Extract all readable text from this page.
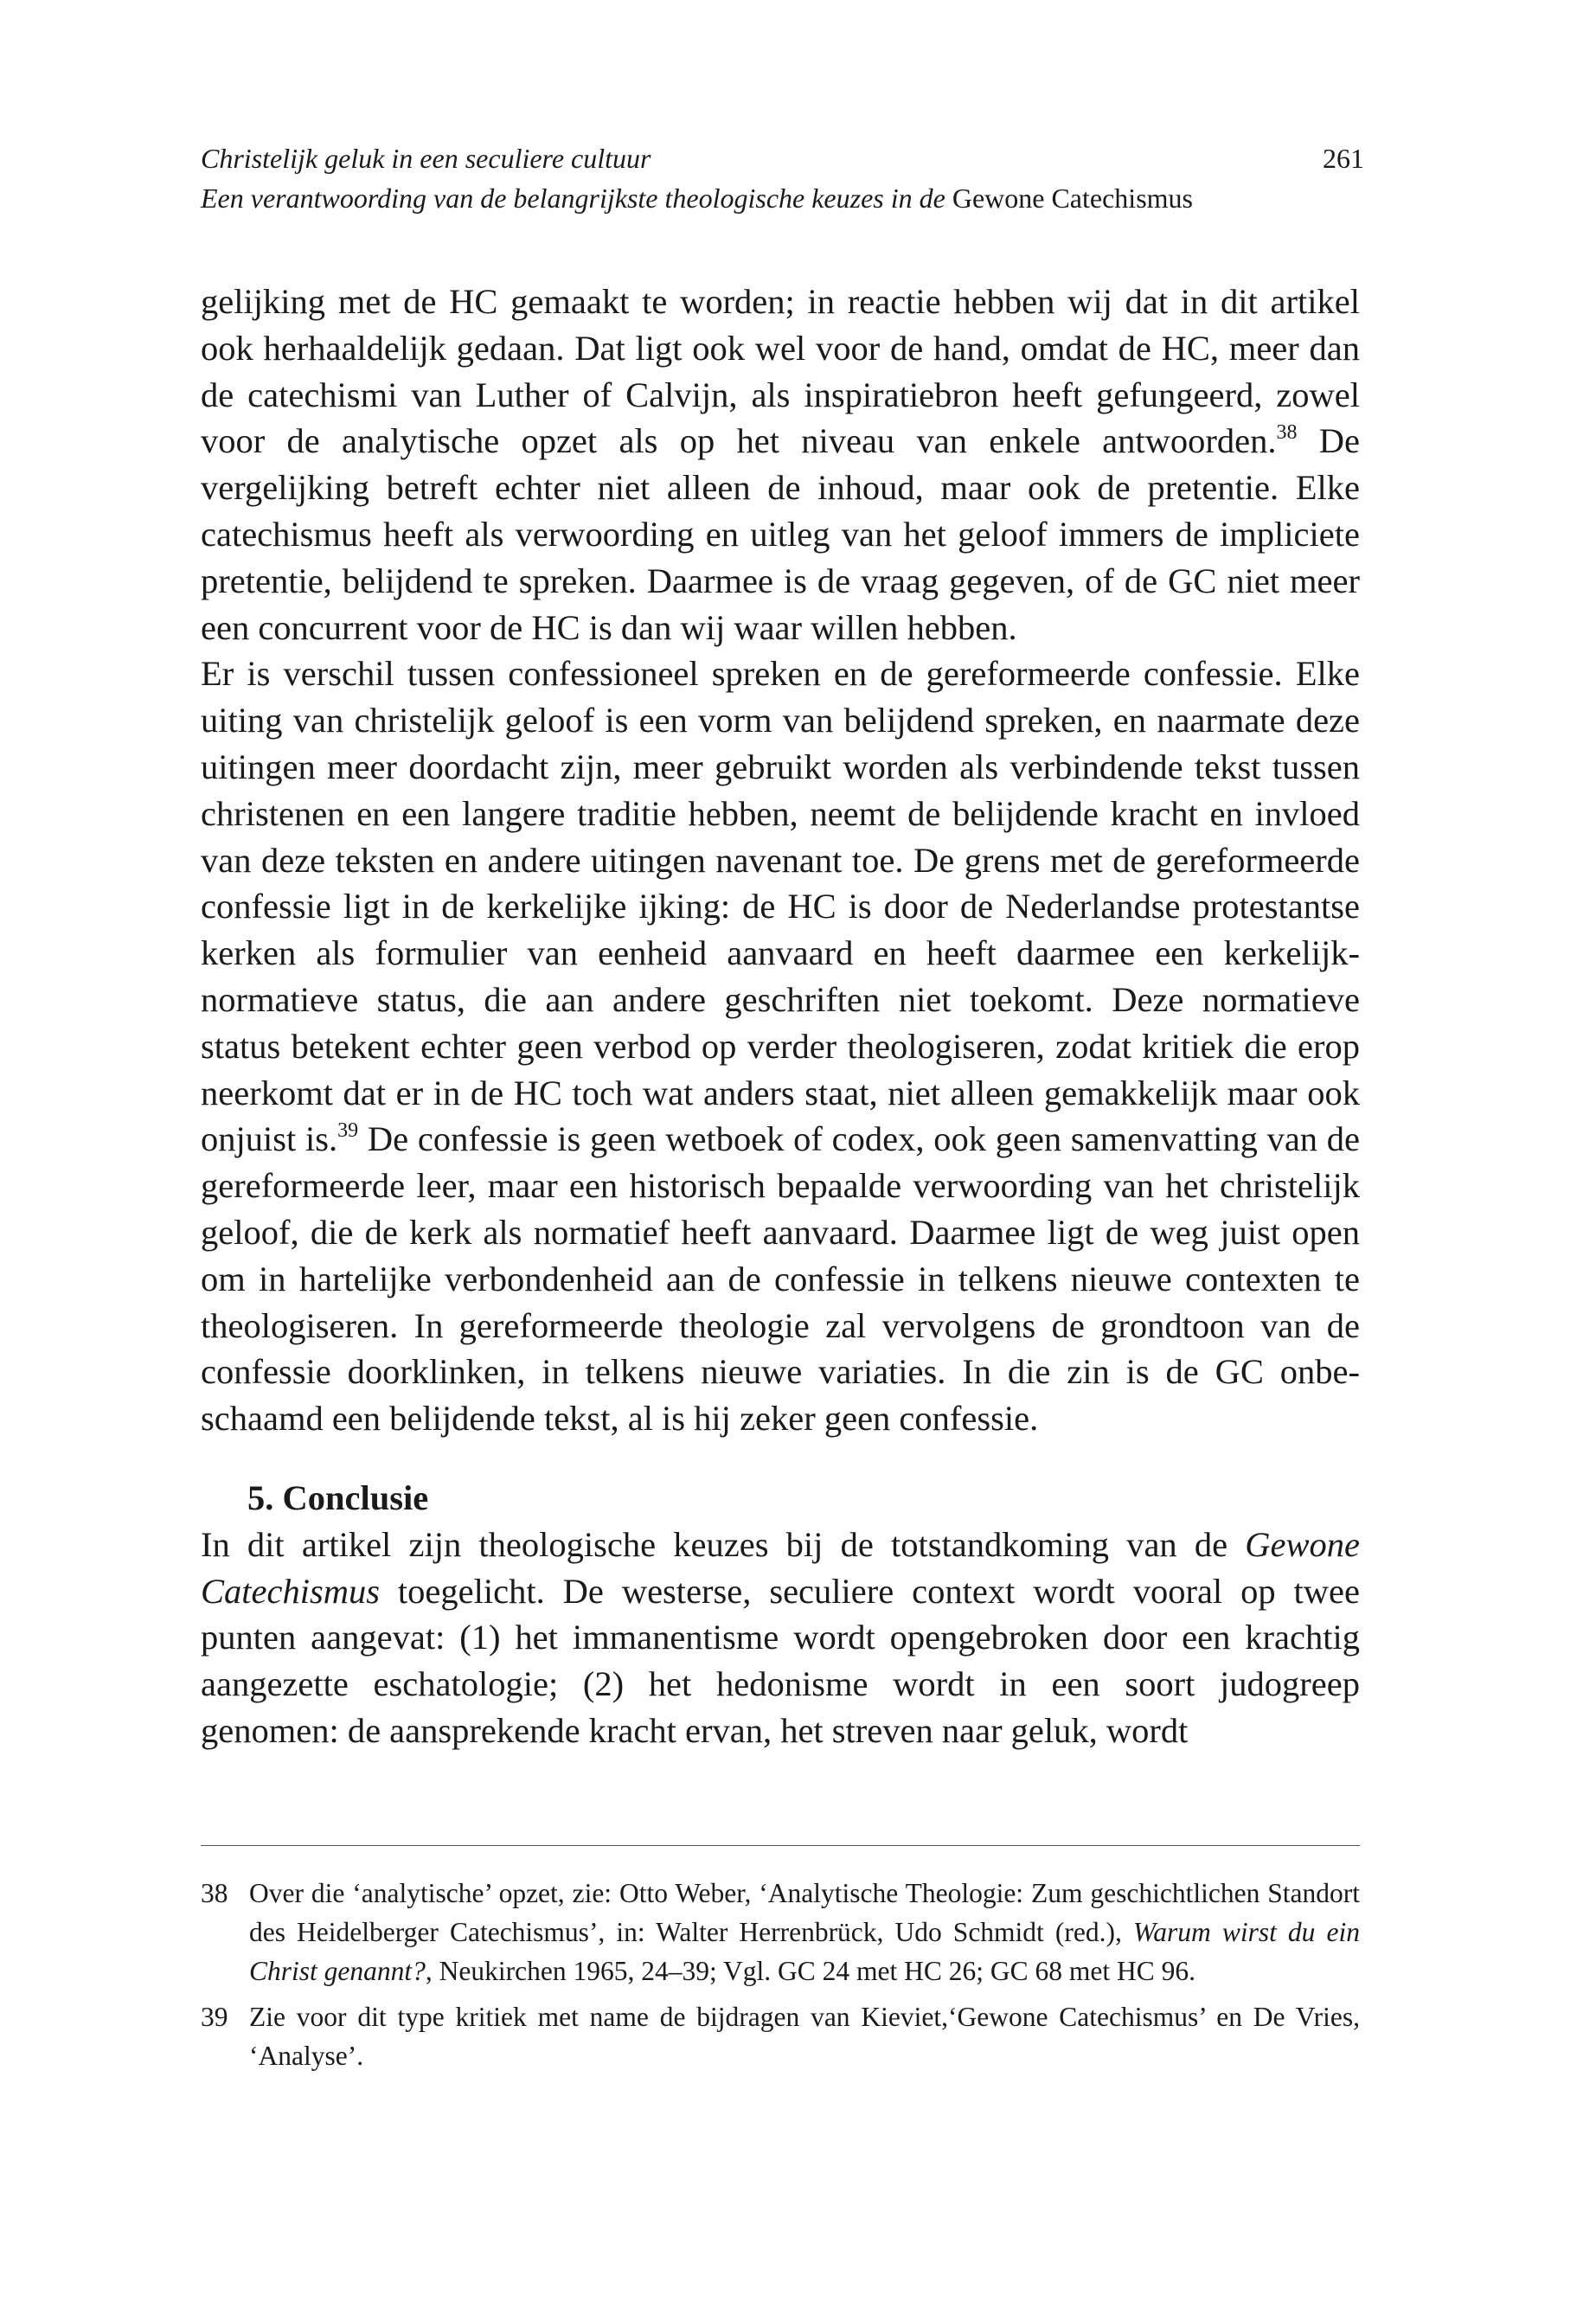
Christelijk geluk in een seculiere cultuur
Een verantwoording van de belangrijkste theologische keuzes in de Gewone Catechismus
261

gelijking met de HC gemaakt te worden; in reactie hebben wij dat in dit artikel ook herhaaldelijk gedaan. Dat ligt ook wel voor de hand, omdat de HC, meer dan de catechismi van Luther of Calvijn, als inspiratiebron heeft gefungeerd, zowel voor de analytische opzet als op het niveau van enkele antwoorden.$^{38}$ De vergelijking betreft echter niet alleen de inhoud, maar ook de pretentie. Elke catechismus heeft als verwoording en uitleg van het geloof immers de impliciete pretentie, belijdend te spreken. Daarmee is de vraag gegeven, of de GC niet meer een concurrent voor de HC is dan wij waar willen hebben.

Er is verschil tussen confessioneel spreken en de gereformeerde confessie. Elke uiting van christelijk geloof is een vorm van belijdend spreken, en naarmate deze uitingen meer doordacht zijn, meer gebruikt worden als verbindende tekst tussen christenen en een langere traditie hebben, neemt de belijdende kracht en invloed van deze teksten en andere uitingen navenant toe. De grens met de gereformeerde confessie ligt in de kerkelijke ijking: de HC is door de Nederlandse protestantse kerken als formulier van eenheid aanvaard en heeft daarmee een kerkelijk-normatieve status, die aan andere geschriften niet toekomt. Deze normatieve status betekent echter geen verbod op verder theologiseren, zodat kritiek die erop neerkomt dat er in de HC toch wat anders staat, niet alleen gemakkelijk maar ook onjuist is.$^{39}$ De confessie is geen wetboek of codex, ook geen samenvatting van de gereformeerde leer, maar een historisch bepaalde verwoording van het christelijk geloof, die de kerk als normatief heeft aanvaard. Daarmee ligt de weg juist open om in hartelijke verbondenheid aan de confessie in telkens nieuwe contexten te theologiseren. In gereformeerde theologie zal vervolgens de grondtoon van de confessie doorklinken, in telkens nieuwe variaties. In die zin is de GC onbeschaamd een belijdende tekst, al is hij zeker geen confessie.

5. Conclusie

In dit artikel zijn theologische keuzes bij de totstandkoming van de Gewone Catechismus toegelicht. De westerse, seculiere context wordt vooral op twee punten aangevat: (1) het immanentisme wordt opengebroken door een krachtig aangezette eschatologie; (2) het hedonisme wordt in een soort judogreep genomen: de aansprekende kracht ervan, het streven naar geluk, wordt

38 Over die ‘analytische’ opzet, zie: Otto Weber, ‘Analytische Theologie: Zum geschichtlichen Standort des Heidelberger Catechismus’, in: Walter Herrenbrück, Udo Schmidt (red.), Warum wirst du ein Christ genannt?, Neukirchen 1965, 24–39; Vgl. GC 24 met HC 26; GC 68 met HC 96.
39 Zie voor dit type kritiek met name de bijdragen van Kieviet,‘Gewone Catechismus’ en De Vries, ‘Analyse’.
